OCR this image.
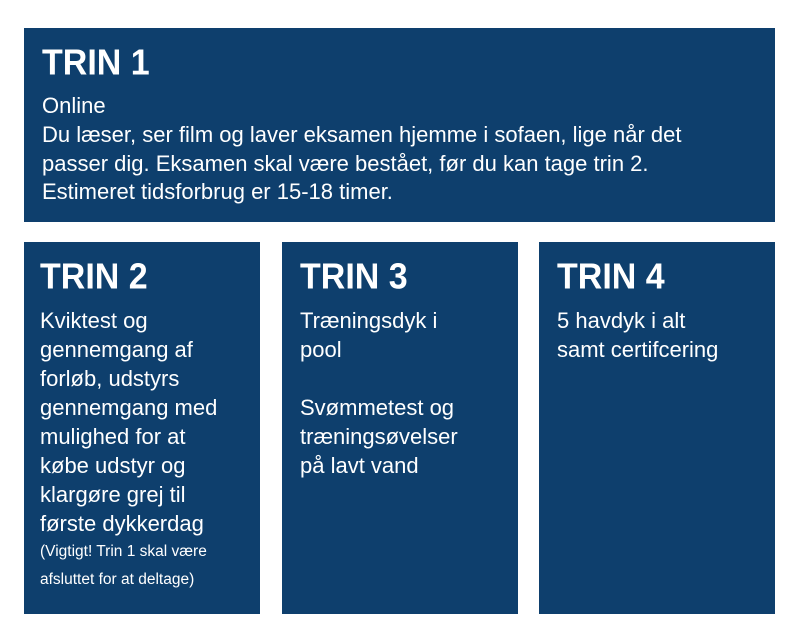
TRIN 1
Online
Du læser, ser film og laver eksamen hjemme i sofaen, lige når det
passer dig. Eksamen skal være bestået, før du kan tage trin 2.
Estimeret tidsforbrug er 15-18 timer.
TRIN 2
Kviktest og
gennemgang af
forløb, udstyrs
gennemgang med
mulighed for at
købe udstyr og
klargøre grej til
første dykkerdag
(Vigtigt! Trin 1 skal være
afsluttet for at deltage)
TRIN 3
Træningsdyk i
pool
Svømmetest og
træningsøvelser
på lavt vand
TRIN 4
5 havdyk i alt
samt certifcering
